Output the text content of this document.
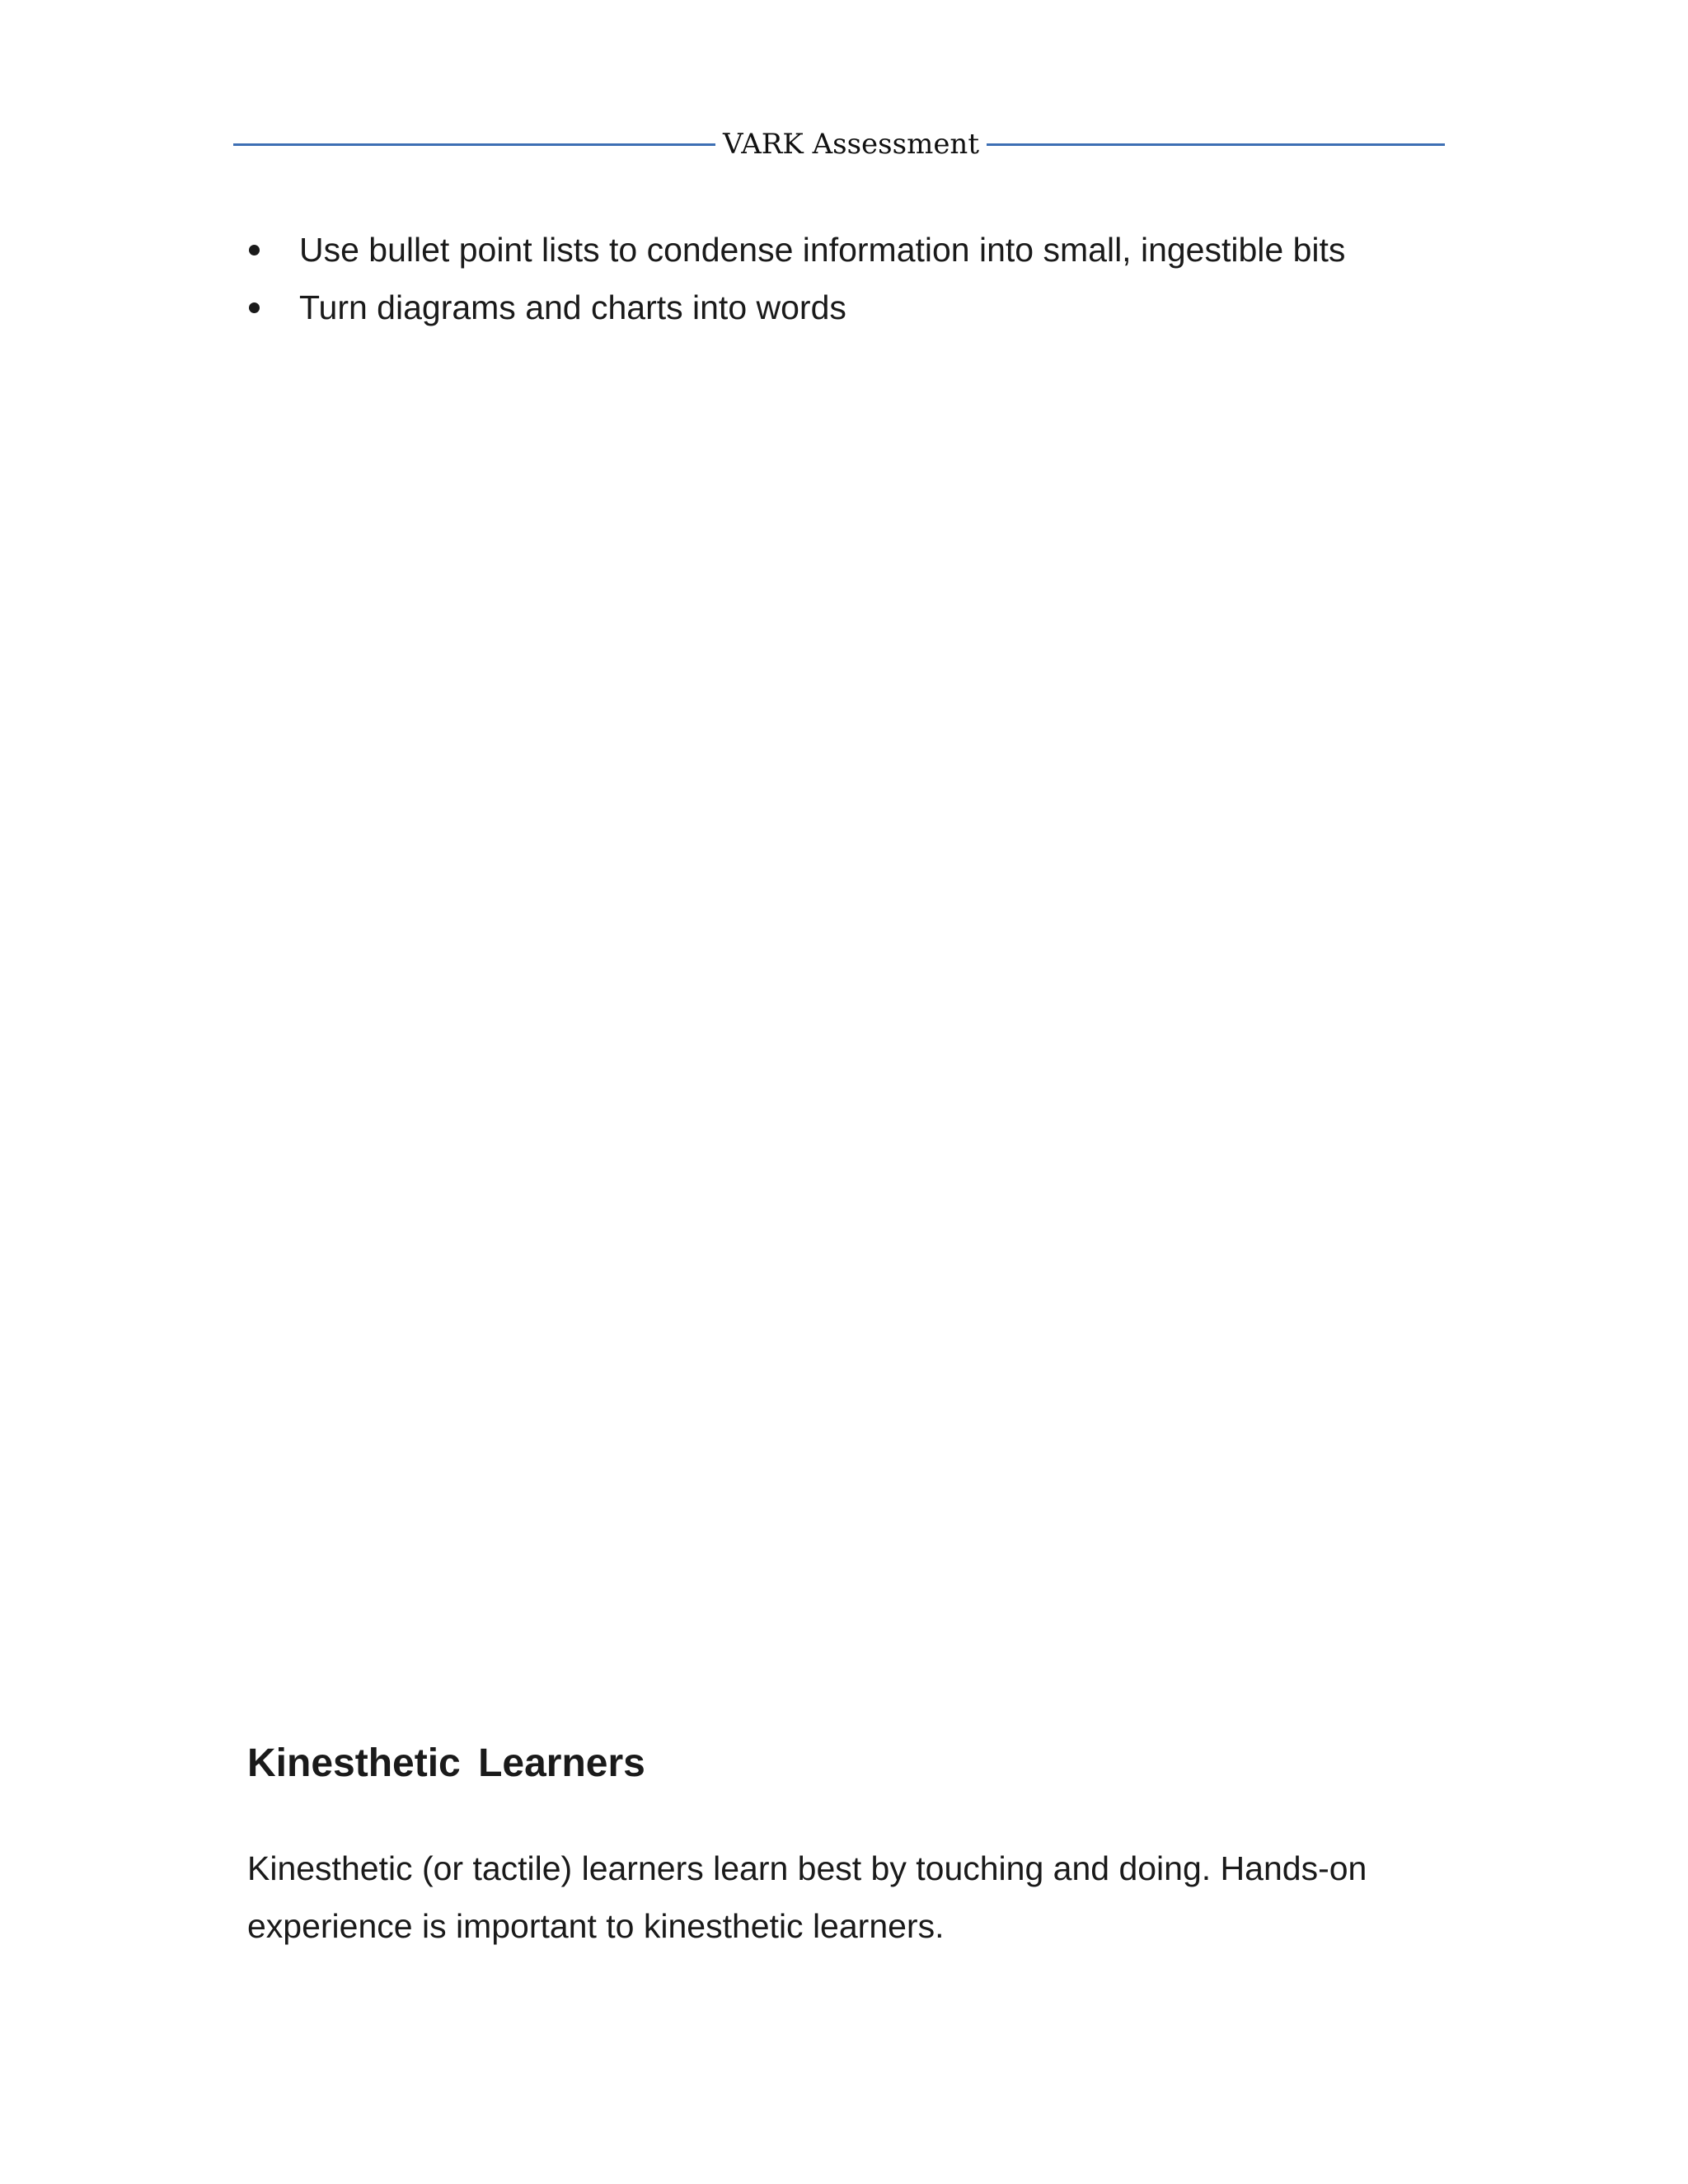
VARK Assessment
Use bullet point lists to condense information into small, ingestible bits
Turn diagrams and charts into words
Kinesthetic Learners

Kinesthetic (or tactile) learners learn best by touching and doing. Hands-on experience is important to kinesthetic learners.
